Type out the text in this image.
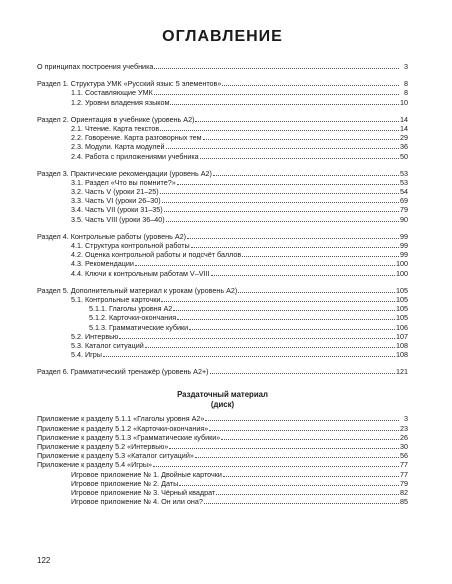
ОГЛАВЛЕНИЕ
О принципах построения учебника	3
Раздел 1. Структура УМК «Русский язык: 5 элементов»	8
1.1. Составляющие УМК	8
1.2. Уровни владения языком	10
Раздел 2. Ориентация в учебнике (уровень А2)	14
2.1. Чтение. Карта текстов	14
2.2. Говорение. Карта разговорных тем	29
2.3. Модули. Карта модулей	36
2.4. Работа с приложениями учебника	50
Раздел 3. Практические рекомендации (уровень А2)	53
3.1. Раздел «Что вы помните?»	53
3.2. Часть V (уроки 21–25)	54
3.3. Часть VI (уроки 26–30)	69
3.4. Часть VII (уроки 31–35)	79
3.5. Часть VIII (уроки 36–40)	90
Раздел 4. Контрольные работы (уровень А2)	99
4.1. Структура контрольной работы	99
4.2. Оценка контрольной работы и подсчёт баллов	99
4.3. Рекомендации	100
4.4. Ключи к контрольным работам V–VIII	100
Раздел 5. Дополнительный материал к урокам (уровень А2)	105
5.1. Контрольные карточки	105
5.1.1. Глаголы уровня А2	105
5.1.2. Карточки-окончания	105
5.1.3. Грамматические кубики	106
5.2. Интервью	107
5.3. Каталог ситуаций	108
5.4. Игры	108
Раздел 6. Грамматический тренажёр (уровень А2+)	121
Раздаточный материал
(диск)
Приложение к разделу 5.1.1 «Глаголы уровня А2»	3
Приложение к разделу 5.1.2 «Карточки-окончания»	23
Приложение к разделу 5.1.3 «Грамматические кубики»	26
Приложение к разделу 5.2 «Интервью»	30
Приложение к разделу 5.3 «Каталог ситуаций»	56
Приложение к разделу 5.4 «Игры»	77
Игровое приложение № 1. Двойные карточки	77
Игровое приложение № 2. Даты	79
Игровое приложение № 3. Чёрный квадрат	82
Игровое приложение № 4. Он или она?	85
122
